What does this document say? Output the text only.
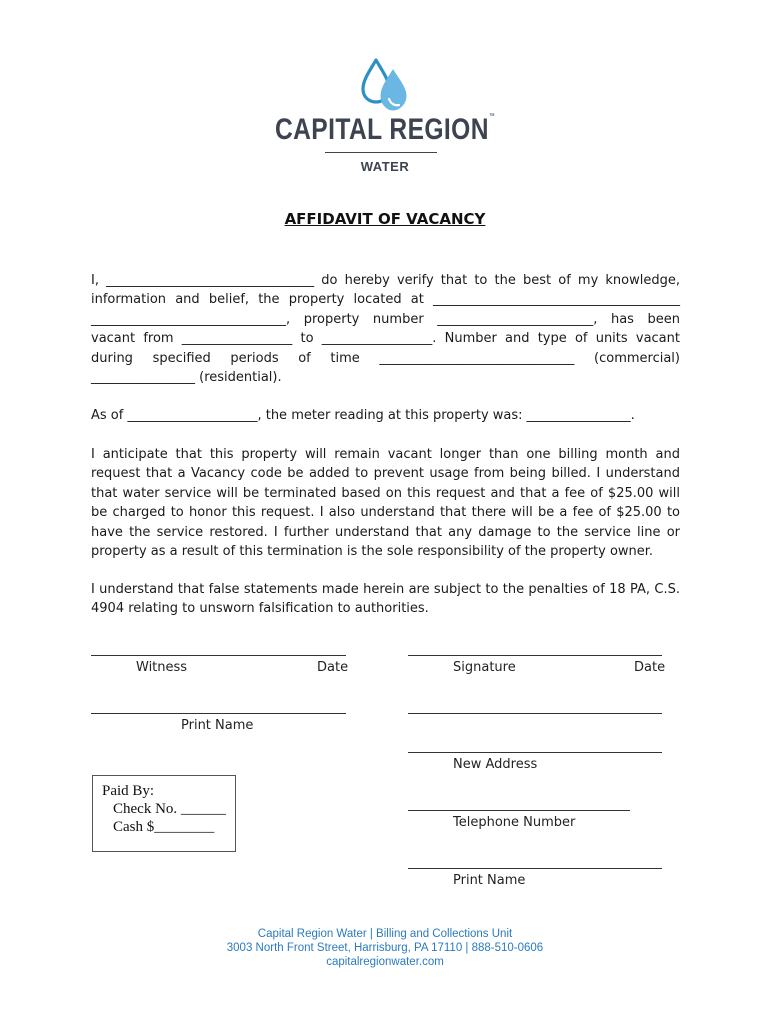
CAPITAL REGION™
WATER
AFFIDAVIT OF VACANCY
I, ________________________________ do hereby verify that to the best of my knowledge, information and belief, the property located at ______________________________________ ______________________________, property number ________________________, has been vacant from _________________ to _________________. Number and type of units vacant during specified periods of time ______________________________ (commercial) ________________ (residential).
As of ____________________, the meter reading at this property was: ________________.
I anticipate that this property will remain vacant longer than one billing month and request that a Vacancy code be added to prevent usage from being billed. I understand that water service will be terminated based on this request and that a fee of $25.00 will be charged to honor this request. I also understand that there will be a fee of $25.00 to have the service restored. I further understand that any damage to the service line or property as a result of this termination is the sole responsibility of the property owner.
I understand that false statements made herein are subject to the penalties of 18 PA, C.S. 4904 relating to unsworn falsification to authorities.
Witness	Date
Print Name
Signature	Date
New Address
Telephone Number
Print Name
Paid By:
Check No. ______
Cash $________
Capital Region Water | Billing and Collections Unit
3003 North Front Street, Harrisburg, PA 17110 | 888-510-0606
capitalregionwater.com
